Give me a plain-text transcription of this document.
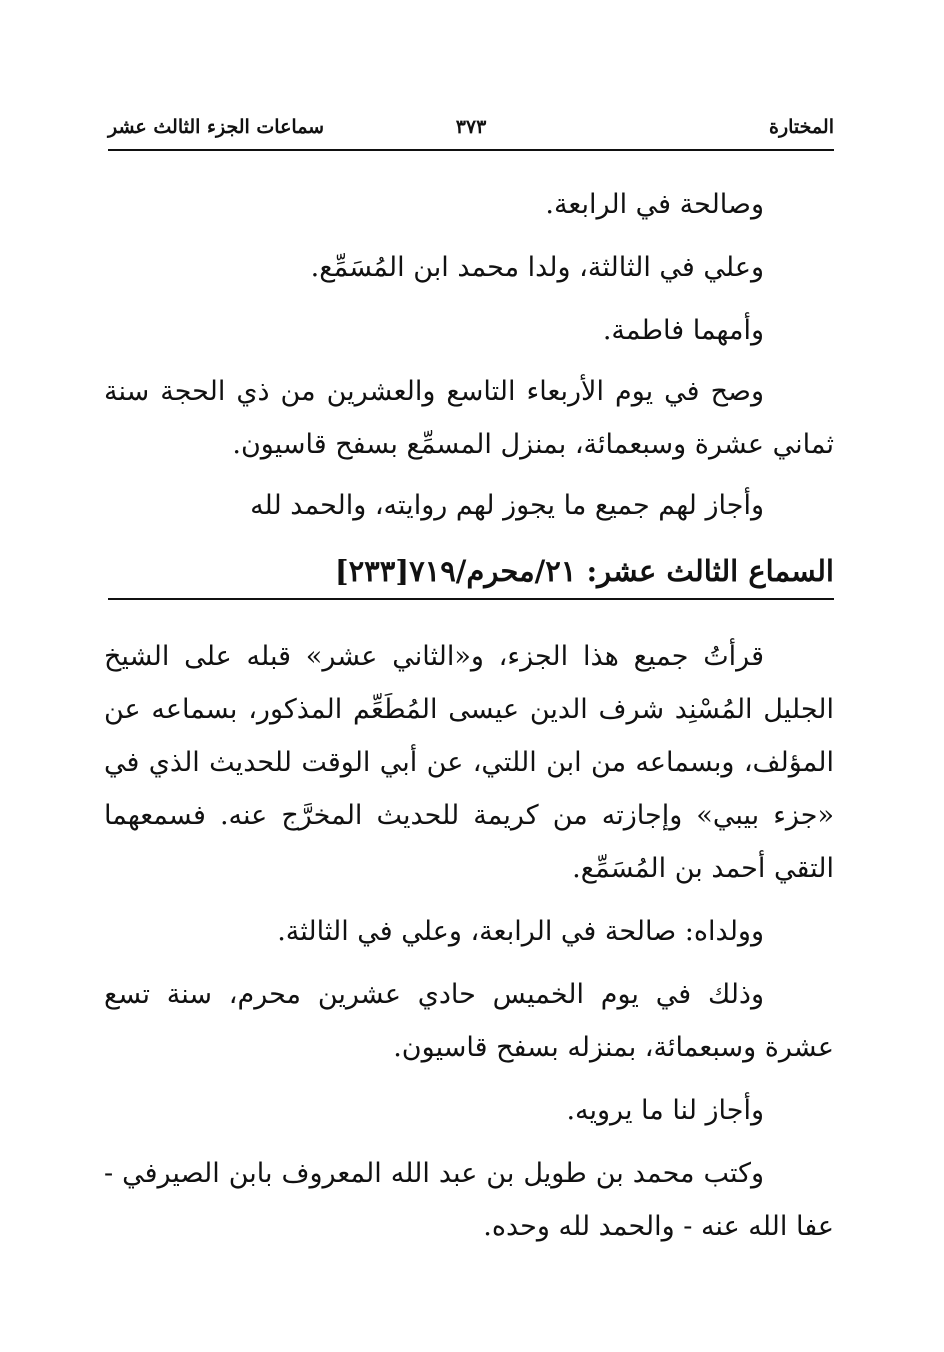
المختارة
٣٧٣
سماعات الجزء الثالث عشر

وصالحة في الرابعة.

وعلي في الثالثة، ولدا محمد ابن المُسَمِّع.

وأمهما فاطمة.

وصح في يوم الأربعاء التاسع والعشرين من ذي الحجة سنة ثماني عشرة وسبعمائة، بمنزل المسمِّع بسفح قاسيون.

وأجاز لهم جميع ما يجوز لهم روايته، والحمد لله

السماع الثالث عشر: ٢١/محرم/٧١٩[٢٣٣]

قرأتُ جميع هذا الجزء، و«الثاني عشر» قبله على الشيخ الجليل المُسْنِد شرف الدين عيسى المُطَعِّم المذكور، بسماعه عن المؤلف، وبسماعه من ابن اللتي، عن أبي الوقت للحديث الذي في «جزء بيبي» وإجازته من كريمة للحديث المخرَّج عنه. فسمعهما التقي أحمد بن المُسَمِّع.

وولداه: صالحة في الرابعة، وعلي في الثالثة.

وذلك في يوم الخميس حادي عشرين محرم، سنة تسع عشرة وسبعمائة، بمنزله بسفح قاسيون.

وأجاز لنا ما يرويه.

وكتب محمد بن طويل بن عبد الله المعروف بابن الصيرفي - عفا الله عنه - والحمد لله وحده.
